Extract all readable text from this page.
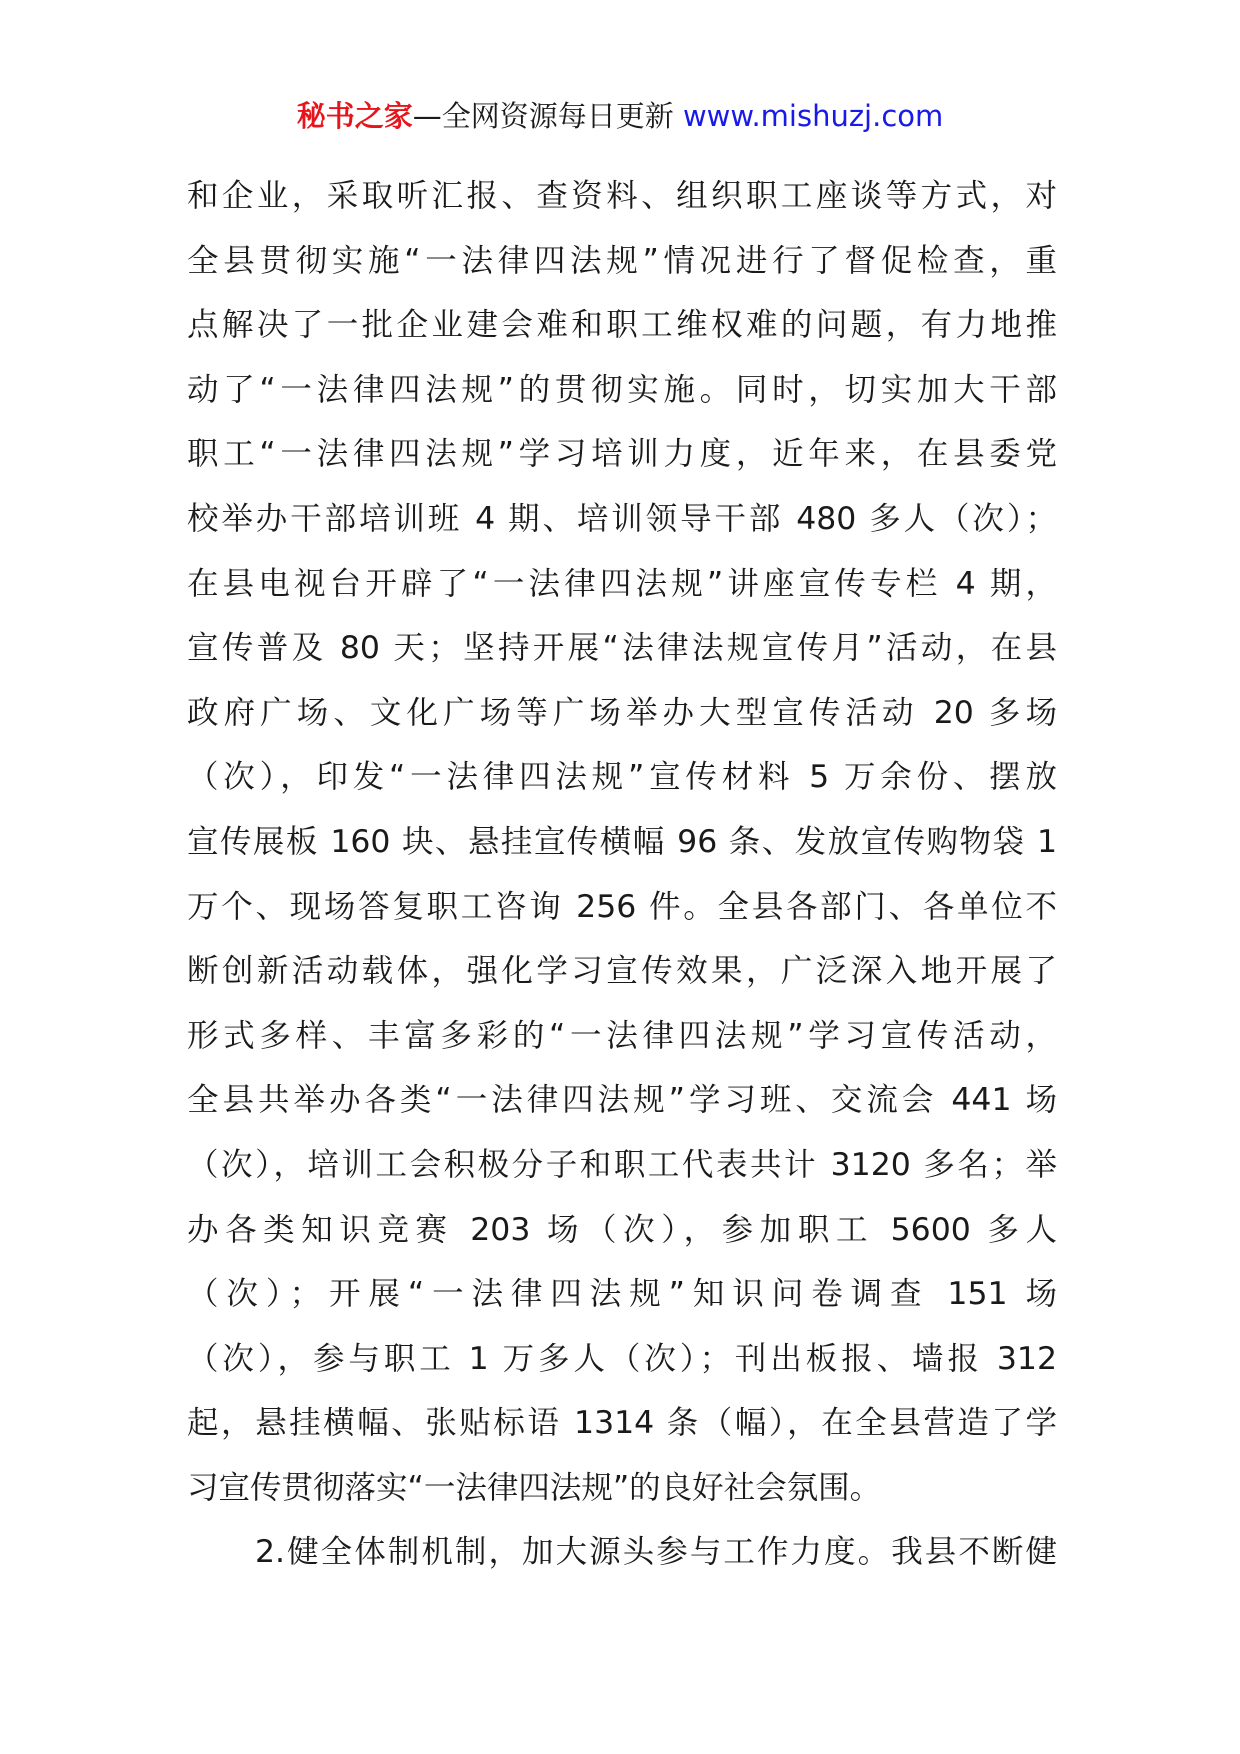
秘书之家—全网资源每日更新 www.mishuzj.com
和企业，采取听汇报、查资料、组织职工座谈等方式，对
全县贯彻实施“一法律四法规”情况进行了督促检查，重
点解决了一批企业建会难和职工维权难的问题，有力地推
动了“一法律四法规”的贯彻实施。同时，切实加大干部
职工“一法律四法规”学习培训力度，近年来，在县委党
校举办干部培训班 4 期、培训领导干部 480 多人（次）；
在县电视台开辟了“一法律四法规”讲座宣传专栏 4 期，
宣传普及 80 天；坚持开展“法律法规宣传月”活动，在县
政府广场、文化广场等广场举办大型宣传活动 20 多场
（次），印发“一法律四法规”宣传材料 5 万余份、摆放
宣传展板 160 块、悬挂宣传横幅 96 条、发放宣传购物袋 1
万个、现场答复职工咨询 256 件。全县各部门、各单位不
断创新活动载体，强化学习宣传效果，广泛深入地开展了
形式多样、丰富多彩的“一法律四法规”学习宣传活动，
全县共举办各类“一法律四法规”学习班、交流会 441 场
（次），培训工会积极分子和职工代表共计 3120 多名；举
办各类知识竞赛 203 场（次），参加职工 5600 多人
（次）；开展“一法律四法规”知识问卷调查 151 场
（次），参与职工 1 万多人（次）；刊出板报、墙报 312
起，悬挂横幅、张贴标语 1314 条（幅），在全县营造了学
习宣传贯彻落实“一法律四法规”的良好社会氛围。
2.健全体制机制，加大源头参与工作力度。我县不断健
